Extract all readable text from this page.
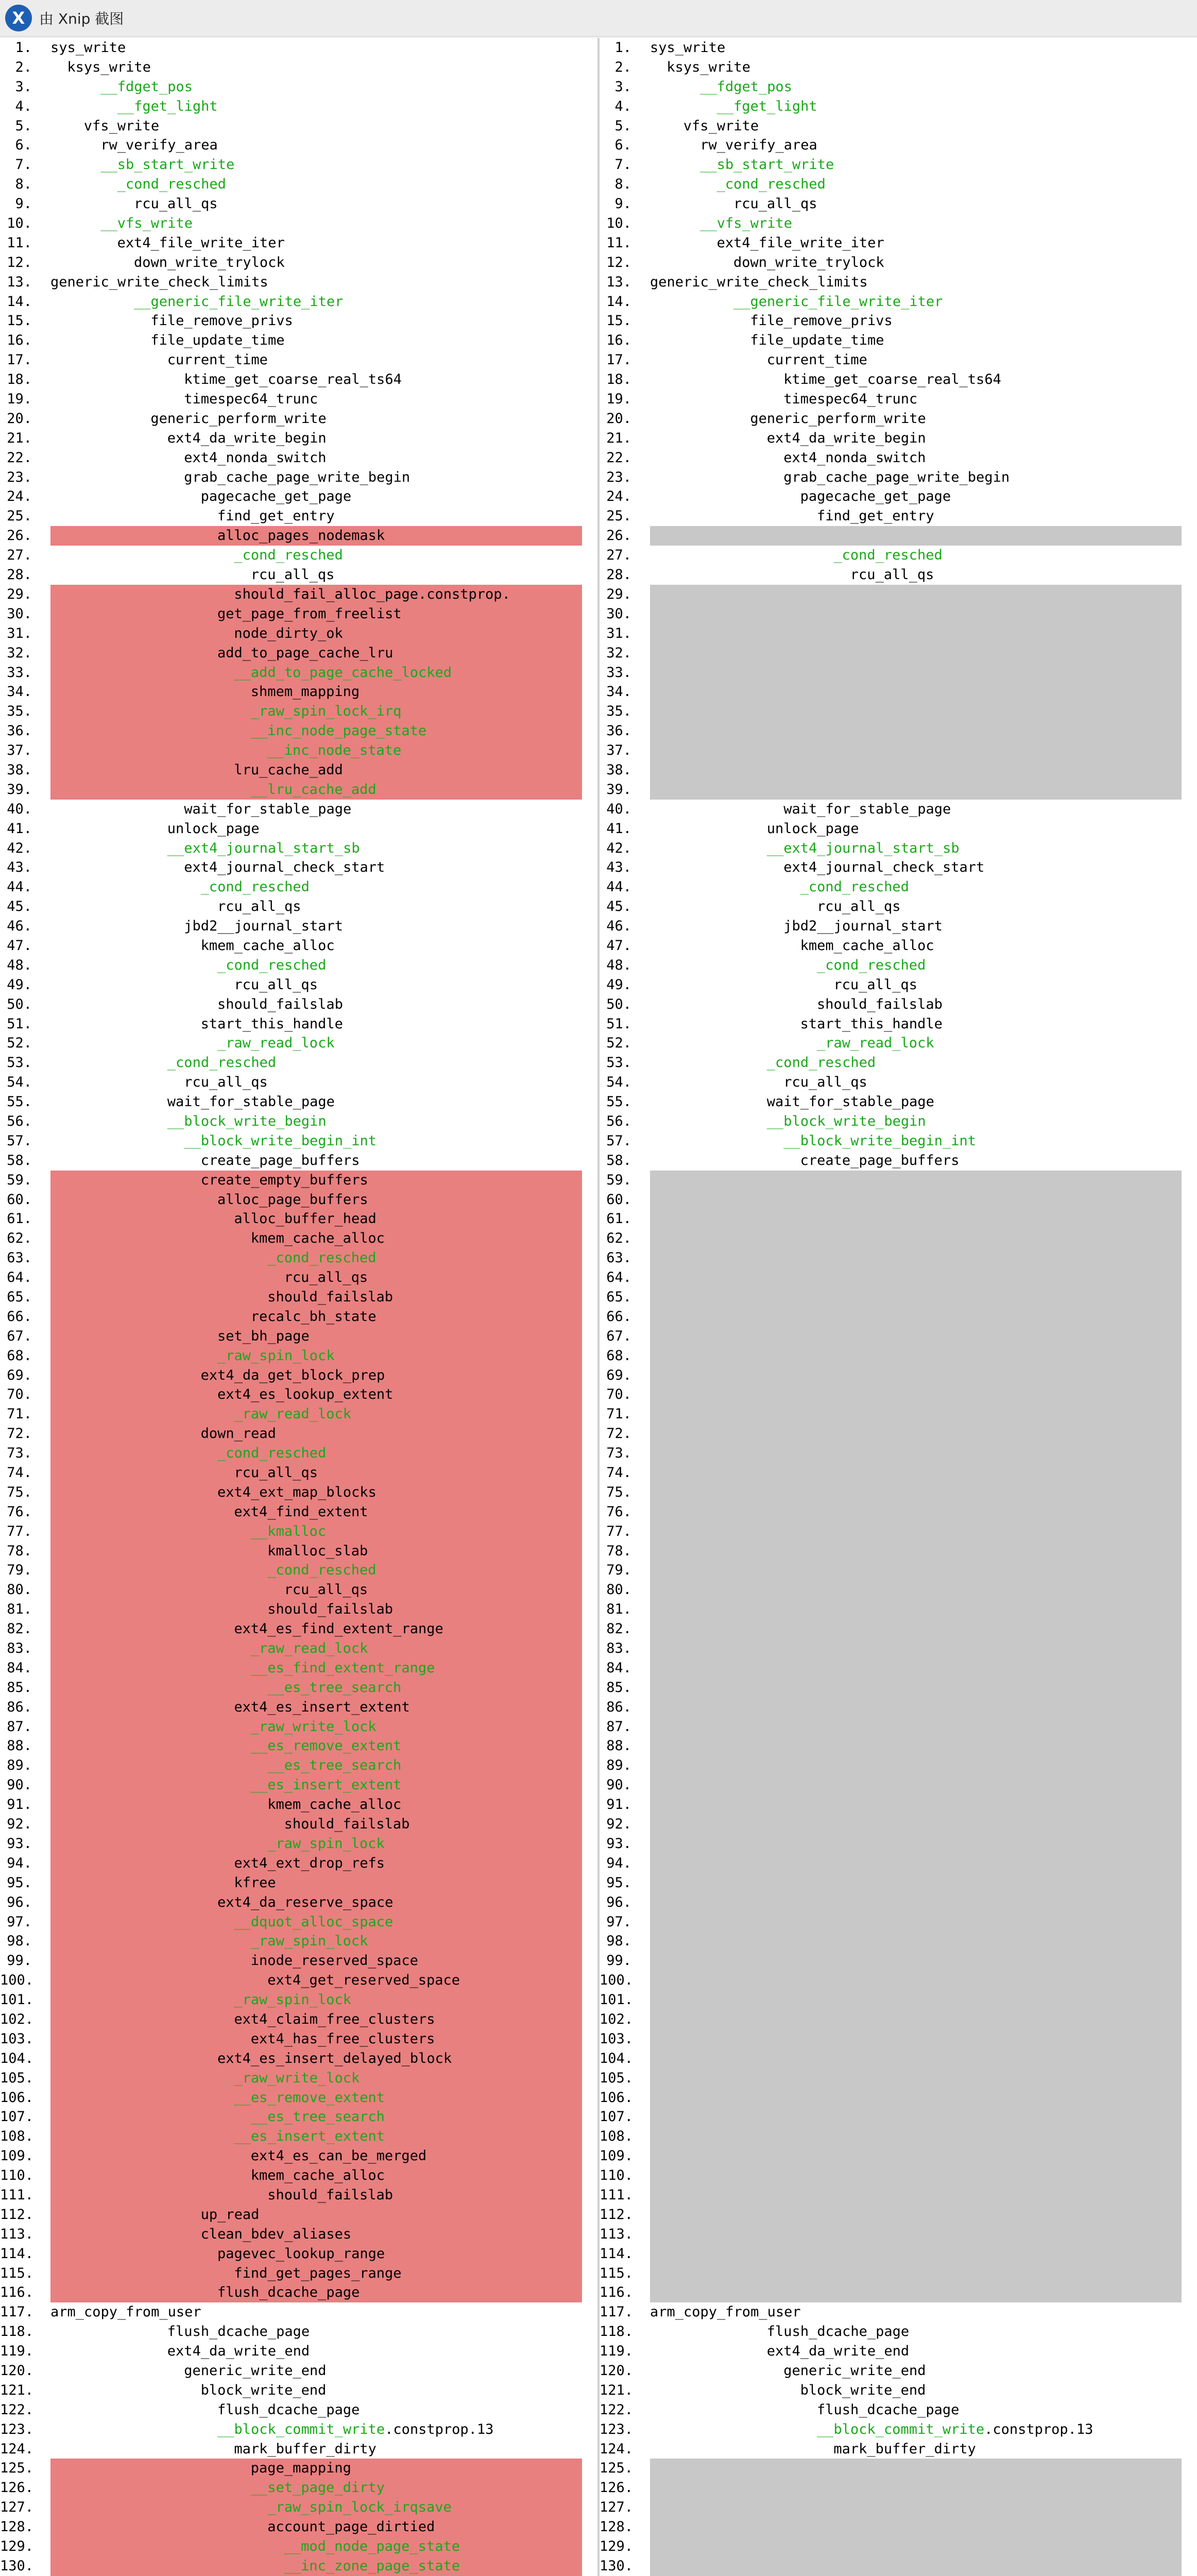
X 由 Xnip 截图
1. sys_write
2.	ksys_write
3.	__fdget_pos
4.	__fget_light
5.	vfs_write
6.	rw_verify_area
7.	__sb_start_write
8.	_cond_resched
9.	rcu_all_qs
10.	__vfs_write
11.	ext4_file_write_iter
12.	down_write_trylock
13. generic_write_check_limits
14.	__generic_file_write_iter
15.	file_remove_privs
16.	file_update_time
17.	current_time
18.	ktime_get_coarse_real_ts64
19.	timespec64_trunc
20.	generic_perform_write
21.	ext4_da_write_begin
22.	ext4_nonda_switch
23.	grab_cache_page_write_begin
24.	pagecache_get_page
25.	find_get_entry
26.	alloc_pages_nodemask
27.	_cond_resched
28.	rcu_all_qs
29.	should_fail_alloc_page.constprop.
30.	get_page_from_freelist
31.	node_dirty_ok
32.	add_to_page_cache_lru
33.	__add_to_page_cache_locked
34.	shmem_mapping
35.	_raw_spin_lock_irq
36.	__inc_node_page_state
37.	__inc_node_state
38.	lru_cache_add
39.	__lru_cache_add
40.	wait_for_stable_page
41.	unlock_page
42.	__ext4_journal_start_sb
43.	ext4_journal_check_start
44.	_cond_resched
45.	rcu_all_qs
46.	jbd2__journal_start
47.	kmem_cache_alloc
48.	_cond_resched
49.	rcu_all_qs
50.	should_failslab
51.	start_this_handle
52.	_raw_read_lock
53.	_cond_resched
54.	rcu_all_qs
55.	wait_for_stable_page
56.	__block_write_begin
57.	__block_write_begin_int
58.	create_page_buffers
59.	create_empty_buffers
60.	alloc_page_buffers
61.	alloc_buffer_head
62.	kmem_cache_alloc
63.	_cond_resched
64.	rcu_all_qs
65.	should_failslab
66.	recalc_bh_state
67.	set_bh_page
68.	_raw_spin_lock
69.	ext4_da_get_block_prep
70.	ext4_es_lookup_extent
71.	_raw_read_lock
72.	down_read
73.	_cond_resched
74.	rcu_all_qs
75.	ext4_ext_map_blocks
76.	ext4_find_extent
77.	__kmalloc
78.	kmalloc_slab
79.	_cond_resched
80.	rcu_all_qs
81.	should_failslab
82.	ext4_es_find_extent_range
83.	_raw_read_lock
84.	__es_find_extent_range
85.	__es_tree_search
86.	ext4_es_insert_extent
87.	_raw_write_lock
88.	__es_remove_extent
89.	__es_tree_search
90.	__es_insert_extent
91.	kmem_cache_alloc
92.	should_failslab
93.	_raw_spin_lock
94.	ext4_ext_drop_refs
95.	kfree
96.	ext4_da_reserve_space
97.	__dquot_alloc_space
98.	_raw_spin_lock
99.	inode_reserved_space
100.	ext4_get_reserved_space
101.	_raw_spin_lock
102.	ext4_claim_free_clusters
103.	ext4_has_free_clusters
104.	ext4_es_insert_delayed_block
105.	_raw_write_lock
106.	__es_remove_extent
107.	__es_tree_search
108.	__es_insert_extent
109.	ext4_es_can_be_merged
110.	kmem_cache_alloc
111.	should_failslab
112.	up_read
113.	clean_bdev_aliases
114.	pagevec_lookup_range
115.	find_get_pages_range
116.	flush_dcache_page
117. arm_copy_from_user
118.	flush_dcache_page
119.	ext4_da_write_end
120.	generic_write_end
121.	block_write_end
122.	flush_dcache_page
123.	__block_commit_write.constprop.13
124.	mark_buffer_dirty
125.	page_mapping
126.	__set_page_dirty
127.	_raw_spin_lock_irqsave
128.	account_page_dirtied
129.	__mod_node_page_state
130.	__inc_zone_page_state
1. sys_write
2.	ksys_write
3.	__fdget_pos
4.	__fget_light
5.	vfs_write
6.	rw_verify_area
7.	__sb_start_write
8.	_cond_resched
9.	rcu_all_qs
10.	__vfs_write
11.	ext4_file_write_iter
12.	down_write_trylock
13. generic_write_check_limits
14.	__generic_file_write_iter
15.	file_remove_privs
16.	file_update_time
17.	current_time
18.	ktime_get_coarse_real_ts64
19.	timespec64_trunc
20.	generic_perform_write
21.	ext4_da_write_begin
22.	ext4_nonda_switch
23.	grab_cache_page_write_begin
24.	pagecache_get_page
25.	find_get_entry
26.
27.	_cond_resched
28.	rcu_all_qs
29.
30.
31.
32.
33.
34.
35.
36.
37.
38.
39.
40.	wait_for_stable_page
41.	unlock_page
42.	__ext4_journal_start_sb
43.	ext4_journal_check_start
44.	_cond_resched
45.	rcu_all_qs
46.	jbd2__journal_start
47.	kmem_cache_alloc
48.	_cond_resched
49.	rcu_all_qs
50.	should_failslab
51.	start_this_handle
52.	_raw_read_lock
53.	_cond_resched
54.	rcu_all_qs
55.	wait_for_stable_page
56.	__block_write_begin
57.	__block_write_begin_int
58.	create_page_buffers
59.
60.
61.
62.
63.
64.
65.
66.
67.
68.
69.
70.
71.
72.
73.
74.
75.
76.
77.
78.
79.
80.
81.
82.
83.
84.
85.
86.
87.
88.
89.
90.
91.
92.
93.
94.
95.
96.
97.
98.
99.
100.
101.
102.
103.
104.
105.
106.
107.
108.
109.
110.
111.
112.
113.
114.
115.
116.
117. arm_copy_from_user
118.	flush_dcache_page
119.	ext4_da_write_end
120.	generic_write_end
121.	block_write_end
122.	flush_dcache_page
123.	__block_commit_write.constprop.13
124.	mark_buffer_dirty
125.
126.
127.
128.
129.
130.
